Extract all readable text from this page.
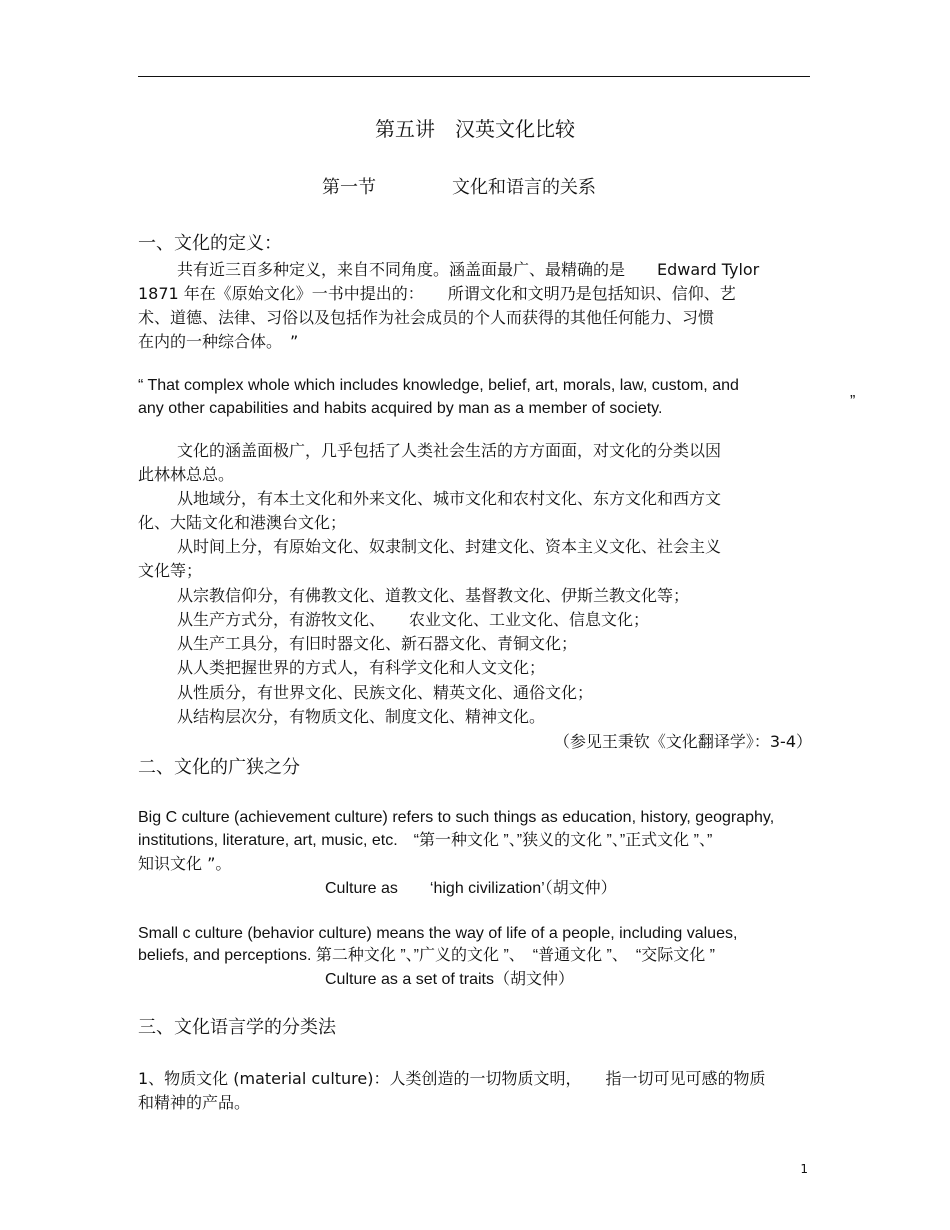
第五讲　汉英文化比较
第一节	文化和语言的关系
一、文化的定义：
共有近三百多种定义，来自不同角度。涵盖面最广、最精确的是　　Edward Tylor
1871 年在《原始文化》一书中提出的：　　所谓文化和文明乃是包括知识、信仰、艺
术、道德、法律、习俗以及包括作为社会成员的个人而获得的其他任何能力、习惯
在内的一种综合体。　”
“ That complex whole which includes knowledge, belief, art, morals, law, custom, and
any other capabilities and habits acquired by man as a member of society.	”
文化的涵盖面极广，几乎包括了人类社会生活的方方面面，对文化的分类以因
此林林总总。
从地域分，有本土文化和外来文化、城市文化和农村文化、东方文化和西方文
化、大陆文化和港澳台文化；
从时间上分，有原始文化、奴隶制文化、封建文化、资本主义文化、社会主义
文化等；
从宗教信仰分，有佛教文化、道教文化、基督教文化、伊斯兰教文化等；
从生产方式分，有游牧文化、　　农业文化、工业文化、信息文化；
从生产工具分，有旧时器文化、新石器文化、青铜文化；
从人类把握世界的方式人，有科学文化和人文文化；
从性质分，有世界文化、民族文化、精英文化、通俗文化；
从结构层次分，有物质文化、制度文化、精神文化。
（参见王秉钦《文化翻译学》：3-4）
二、文化的广狭之分
Big C culture (achievement culture) refers to such things as education, history, geography,
institutions, literature, art, music, etc.　“第一种文化 ”、”狭义的文化 ”、”正式文化 ”、”
知识文化 ”。
Culture as　　‘high civilization’（胡文仲）
Small c culture (behavior culture) means the way of life of a people, including values,
beliefs, and perceptions. 第二种文化 ”、”广义的文化 ”、　“普通文化 ”、　“交际文化 ”
Culture as a set of traits（胡文仲）
三、文化语言学的分类法
1、物质文化 (material culture)：人类创造的一切物质文明，　　指一切可见可感的物质
和精神的产品。
1
